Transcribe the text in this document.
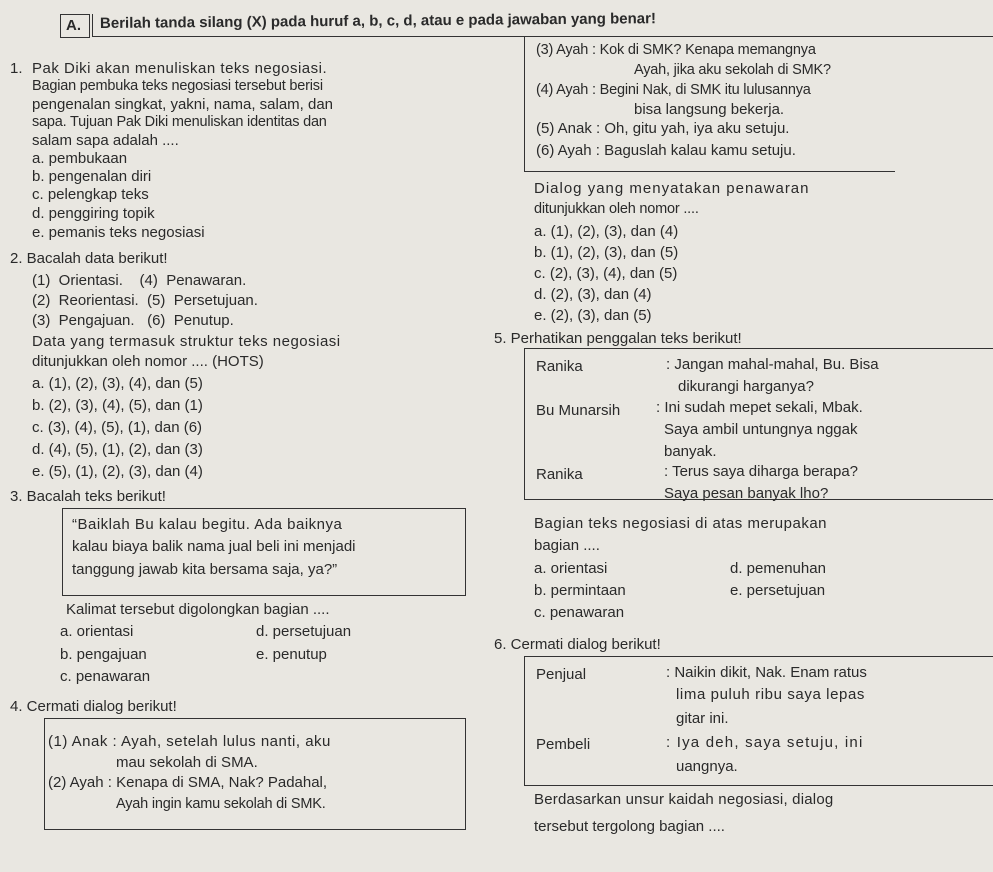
A. Berilah tanda silang (X) pada huruf a, b, c, d, atau e pada jawaban yang benar!
1. Pak Diki akan menuliskan teks negosiasi.
Bagian pembuka teks negosiasi tersebut berisi
pengenalan singkat, yakni, nama, salam, dan
sapa. Tujuan Pak Diki menuliskan identitas dan
salam sapa adalah ....
a. pembukaan
b. pengenalan diri
c. pelengkap teks
d. penggiring topik
e. pemanis teks negosiasi
2. Bacalah data berikut!
(1)  Orientasi.    (4)  Penawaran.
(2)  Reorientasi.  (5)  Persetujuan.
(3)  Pengajuan.   (6)  Penutup.
Data yang termasuk struktur teks negosiasi
ditunjukkan oleh nomor .... (HOTS)
a. (1), (2), (3), (4), dan (5)
b. (2), (3), (4), (5), dan (1)
c. (3), (4), (5), (1), dan (6)
d. (4), (5), (1), (2), dan (3)
e. (5), (1), (2), (3), dan (4)
3. Bacalah teks berikut!
“Baiklah Bu kalau begitu. Ada baiknya
kalau biaya balik nama jual beli ini menjadi
tanggung jawab kita bersama saja, ya?”
Kalimat tersebut digolongkan bagian ....
a. orientasi
b. pengajuan
c. penawaran
d. persetujuan
e. penutup
4. Cermati dialog berikut!
(1) Anak : Ayah, setelah lulus nanti, aku
mau sekolah di SMA.
(2) Ayah : Kenapa di SMA, Nak? Padahal,
Ayah ingin kamu sekolah di SMK.
(3) Ayah : Kok di SMK? Kenapa memangnya
Ayah, jika aku sekolah di SMK?
(4) Ayah : Begini Nak, di SMK itu lulusannya
bisa langsung bekerja.
(5) Anak : Oh, gitu yah, iya aku setuju.
(6) Ayah : Baguslah kalau kamu setuju.
Dialog yang menyatakan penawaran
ditunjukkan oleh nomor ....
a. (1), (2), (3), dan (4)
b. (1), (2), (3), dan (5)
c. (2), (3), (4), dan (5)
d. (2), (3), dan (4)
e. (2), (3), dan (5)
5. Perhatikan penggalan teks berikut!
Ranika	: Jangan mahal-mahal, Bu. Bisa
dikurangi harganya?
Bu Munarsih : Ini sudah mepet sekali, Mbak.
Saya ambil untungnya nggak
banyak.
Ranika	: Terus saya diharga berapa?
Saya pesan banyak lho?
Bagian teks negosiasi di atas merupakan
bagian ....
a. orientasi
b. permintaan
c. penawaran
d. pemenuhan
e. persetujuan
6. Cermati dialog berikut!
Penjual	: Naikin dikit, Nak. Enam ratus
lima puluh ribu saya lepas
gitar ini.
Pembeli	: Iya deh, saya setuju, ini
uangnya.
Berdasarkan unsur kaidah negosiasi, dialog
tersebut tergolong bagian ....
